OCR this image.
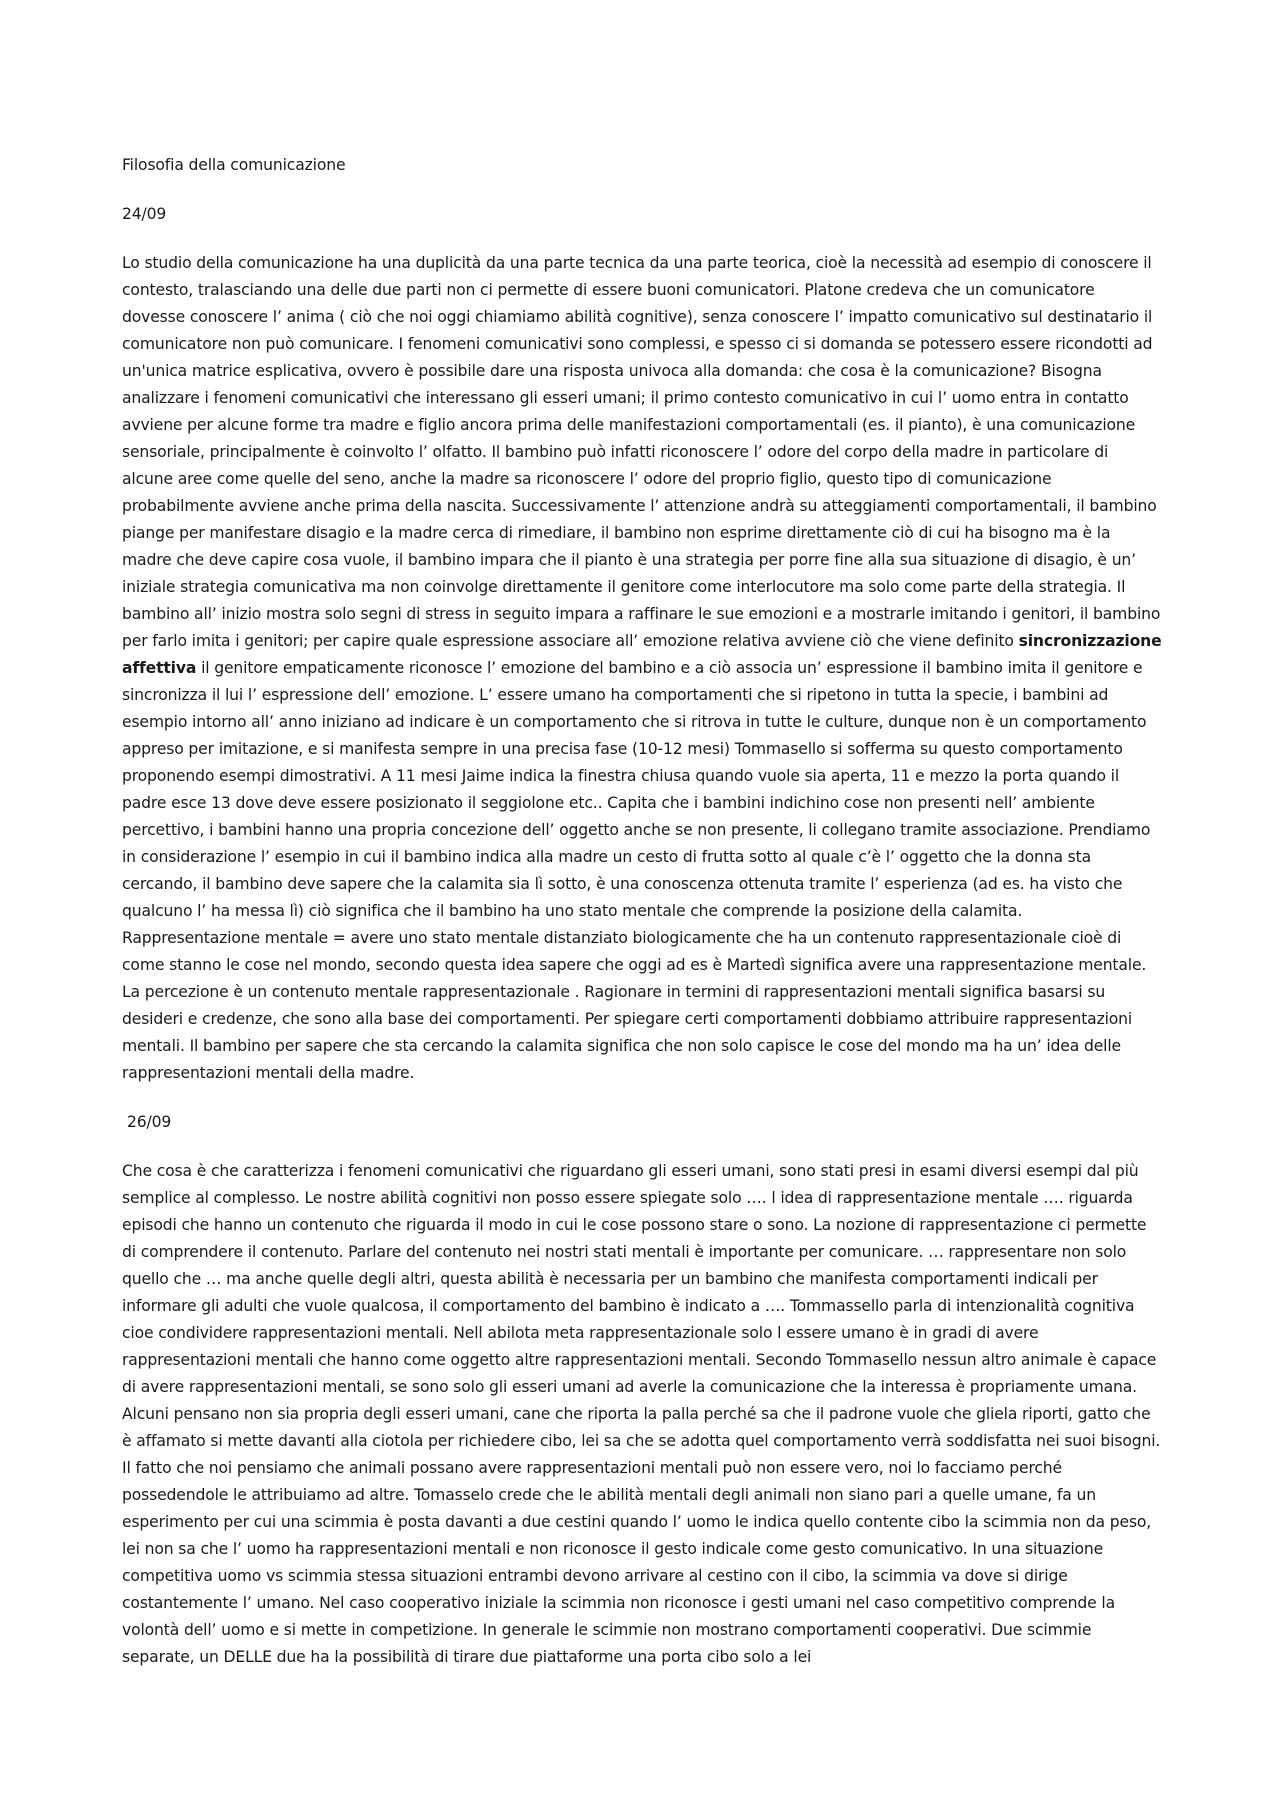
Filosofia della comunicazione

24/09

Lo studio della comunicazione ha una duplicità da una parte tecnica da una parte teorica, cioè la necessità ad esempio di conoscere il contesto, tralasciando una delle due parti non ci permette di essere buoni comunicatori. Platone credeva che un comunicatore dovesse conoscere l’ anima ( ciò che noi oggi chiamiamo abilità cognitive), senza conoscere l’ impatto comunicativo sul destinatario il comunicatore non può comunicare. I fenomeni comunicativi sono complessi, e spesso ci si domanda se potessero essere ricondotti ad un'unica matrice esplicativa, ovvero è possibile dare una risposta univoca alla domanda: che cosa è la comunicazione? Bisogna analizzare i fenomeni comunicativi che interessano gli esseri umani; il primo contesto comunicativo in cui l’ uomo entra in contatto avviene per alcune forme tra madre e figlio ancora prima delle manifestazioni comportamentali (es. il pianto), è una comunicazione sensoriale, principalmente è coinvolto l’ olfatto. Il bambino può infatti riconoscere l’ odore del corpo della madre in particolare di alcune aree come quelle del seno, anche la madre sa riconoscere l’ odore del proprio figlio, questo tipo di comunicazione probabilmente avviene anche prima della nascita. Successivamente l’ attenzione andrà su atteggiamenti comportamentali, il bambino piange per manifestare disagio e la madre cerca di rimediare, il bambino non esprime direttamente ciò di cui ha bisogno ma è la madre che deve capire cosa vuole, il bambino impara che il pianto è una strategia per porre fine alla sua situazione di disagio, è un’ iniziale strategia comunicativa ma non coinvolge direttamente il genitore come interlocutore ma solo come parte della strategia. Il bambino all’ inizio mostra solo segni di stress in seguito impara a raffinare le sue emozioni e a mostrarle imitando i genitori, il bambino per farlo imita i genitori; per capire quale espressione associare all’ emozione relativa avviene ciò che viene definito sincronizzazione affettiva il genitore empaticamente riconosce l’ emozione del bambino e a ciò associa un’ espressione il bambino imita il genitore e sincronizza il lui l’ espressione dell’ emozione. L’ essere umano ha comportamenti che si ripetono in tutta la specie, i bambini ad esempio intorno all’ anno iniziano ad indicare è un comportamento che si ritrova in tutte le culture, dunque non è un comportamento appreso per imitazione, e si manifesta sempre in una precisa fase (10-12 mesi) Tommasello si sofferma su questo comportamento proponendo esempi dimostrativi. A 11 mesi Jaime indica la finestra chiusa quando vuole sia aperta, 11 e mezzo la porta quando il padre esce 13 dove deve essere posizionato il seggiolone etc.. Capita che i bambini indichino cose non presenti nell’ ambiente percettivo, i bambini hanno una propria concezione dell’ oggetto anche se non presente, li collegano tramite associazione. Prendiamo in considerazione l’ esempio in cui il bambino indica alla madre un cesto di frutta sotto al quale c’è l’ oggetto che la donna sta cercando, il bambino deve sapere che la calamita sia lì sotto, è una conoscenza ottenuta tramite l’ esperienza (ad es. ha visto che qualcuno l’ ha messa lì) ciò significa che il bambino ha uno stato mentale che comprende la posizione della calamita. Rappresentazione mentale = avere uno stato mentale distanziato biologicamente che ha un contenuto rappresentazionale cioè di come stanno le cose nel mondo, secondo questa idea sapere che oggi ad es è Martedì significa avere una rappresentazione mentale. La percezione è un contenuto mentale rappresentazionale . Ragionare in termini di rappresentazioni mentali significa basarsi su desideri e credenze, che sono alla base dei comportamenti. Per spiegare certi comportamenti dobbiamo attribuire rappresentazioni mentali. Il bambino per sapere che sta cercando la calamita significa che non solo capisce le cose del mondo ma ha un’ idea delle rappresentazioni mentali della madre.

26/09

Che cosa è che caratterizza i fenomeni comunicativi che riguardano gli esseri umani, sono stati presi in esami diversi esempi dal più semplice al complesso. Le nostre abilità cognitivi non posso essere spiegate solo …. l idea di rappresentazione mentale …. riguarda episodi che hanno un contenuto che riguarda il modo in cui le cose possono stare o sono. La nozione di rappresentazione ci permette di comprendere il contenuto. Parlare del contenuto nei nostri stati mentali è importante per comunicare. … rappresentare non solo quello che … ma anche quelle degli altri, questa abilità è necessaria per un bambino che manifesta comportamenti indicali per informare gli adulti che vuole qualcosa, il comportamento del bambino è indicato a …. Tommassello parla di intenzionalità cognitiva cioe condividere rappresentazioni mentali. Nell abilota meta rappresentazionale solo l essere umano è in gradi di avere rappresentazioni mentali che hanno come oggetto altre rappresentazioni mentali. Secondo Tommasello nessun altro animale è capace di avere rappresentazioni mentali, se sono solo gli esseri umani ad averle la comunicazione che la interessa è propriamente umana. Alcuni pensano non sia propria degli esseri umani, cane che riporta la palla perché sa che il padrone vuole che gliela riporti, gatto che è affamato si mette davanti alla ciotola per richiedere cibo, lei sa che se adotta quel comportamento verrà soddisfatta nei suoi bisogni. Il fatto che noi pensiamo che animali possano avere rappresentazioni mentali può non essere vero, noi lo facciamo perché possedendole le attribuiamo ad altre. Tomasselo crede che le abilità mentali degli animali non siano pari a quelle umane, fa un esperimento per cui una scimmia è posta davanti a due cestini quando l’ uomo le indica quello contente cibo la scimmia non da peso, lei non sa che l’ uomo ha rappresentazioni mentali e non riconosce il gesto indicale come gesto comunicativo. In una situazione competitiva uomo vs scimmia stessa situazioni entrambi devono arrivare al cestino con il cibo, la scimmia va dove si dirige costantemente l’ umano. Nel caso cooperativo iniziale la scimmia non riconosce i gesti umani nel caso competitivo comprende la volontà dell’ uomo e si mette in competizione. In generale le scimmie non mostrano comportamenti cooperativi. Due scimmie separate, un DELLE due ha la possibilità di tirare due piattaforme una porta cibo solo a lei
